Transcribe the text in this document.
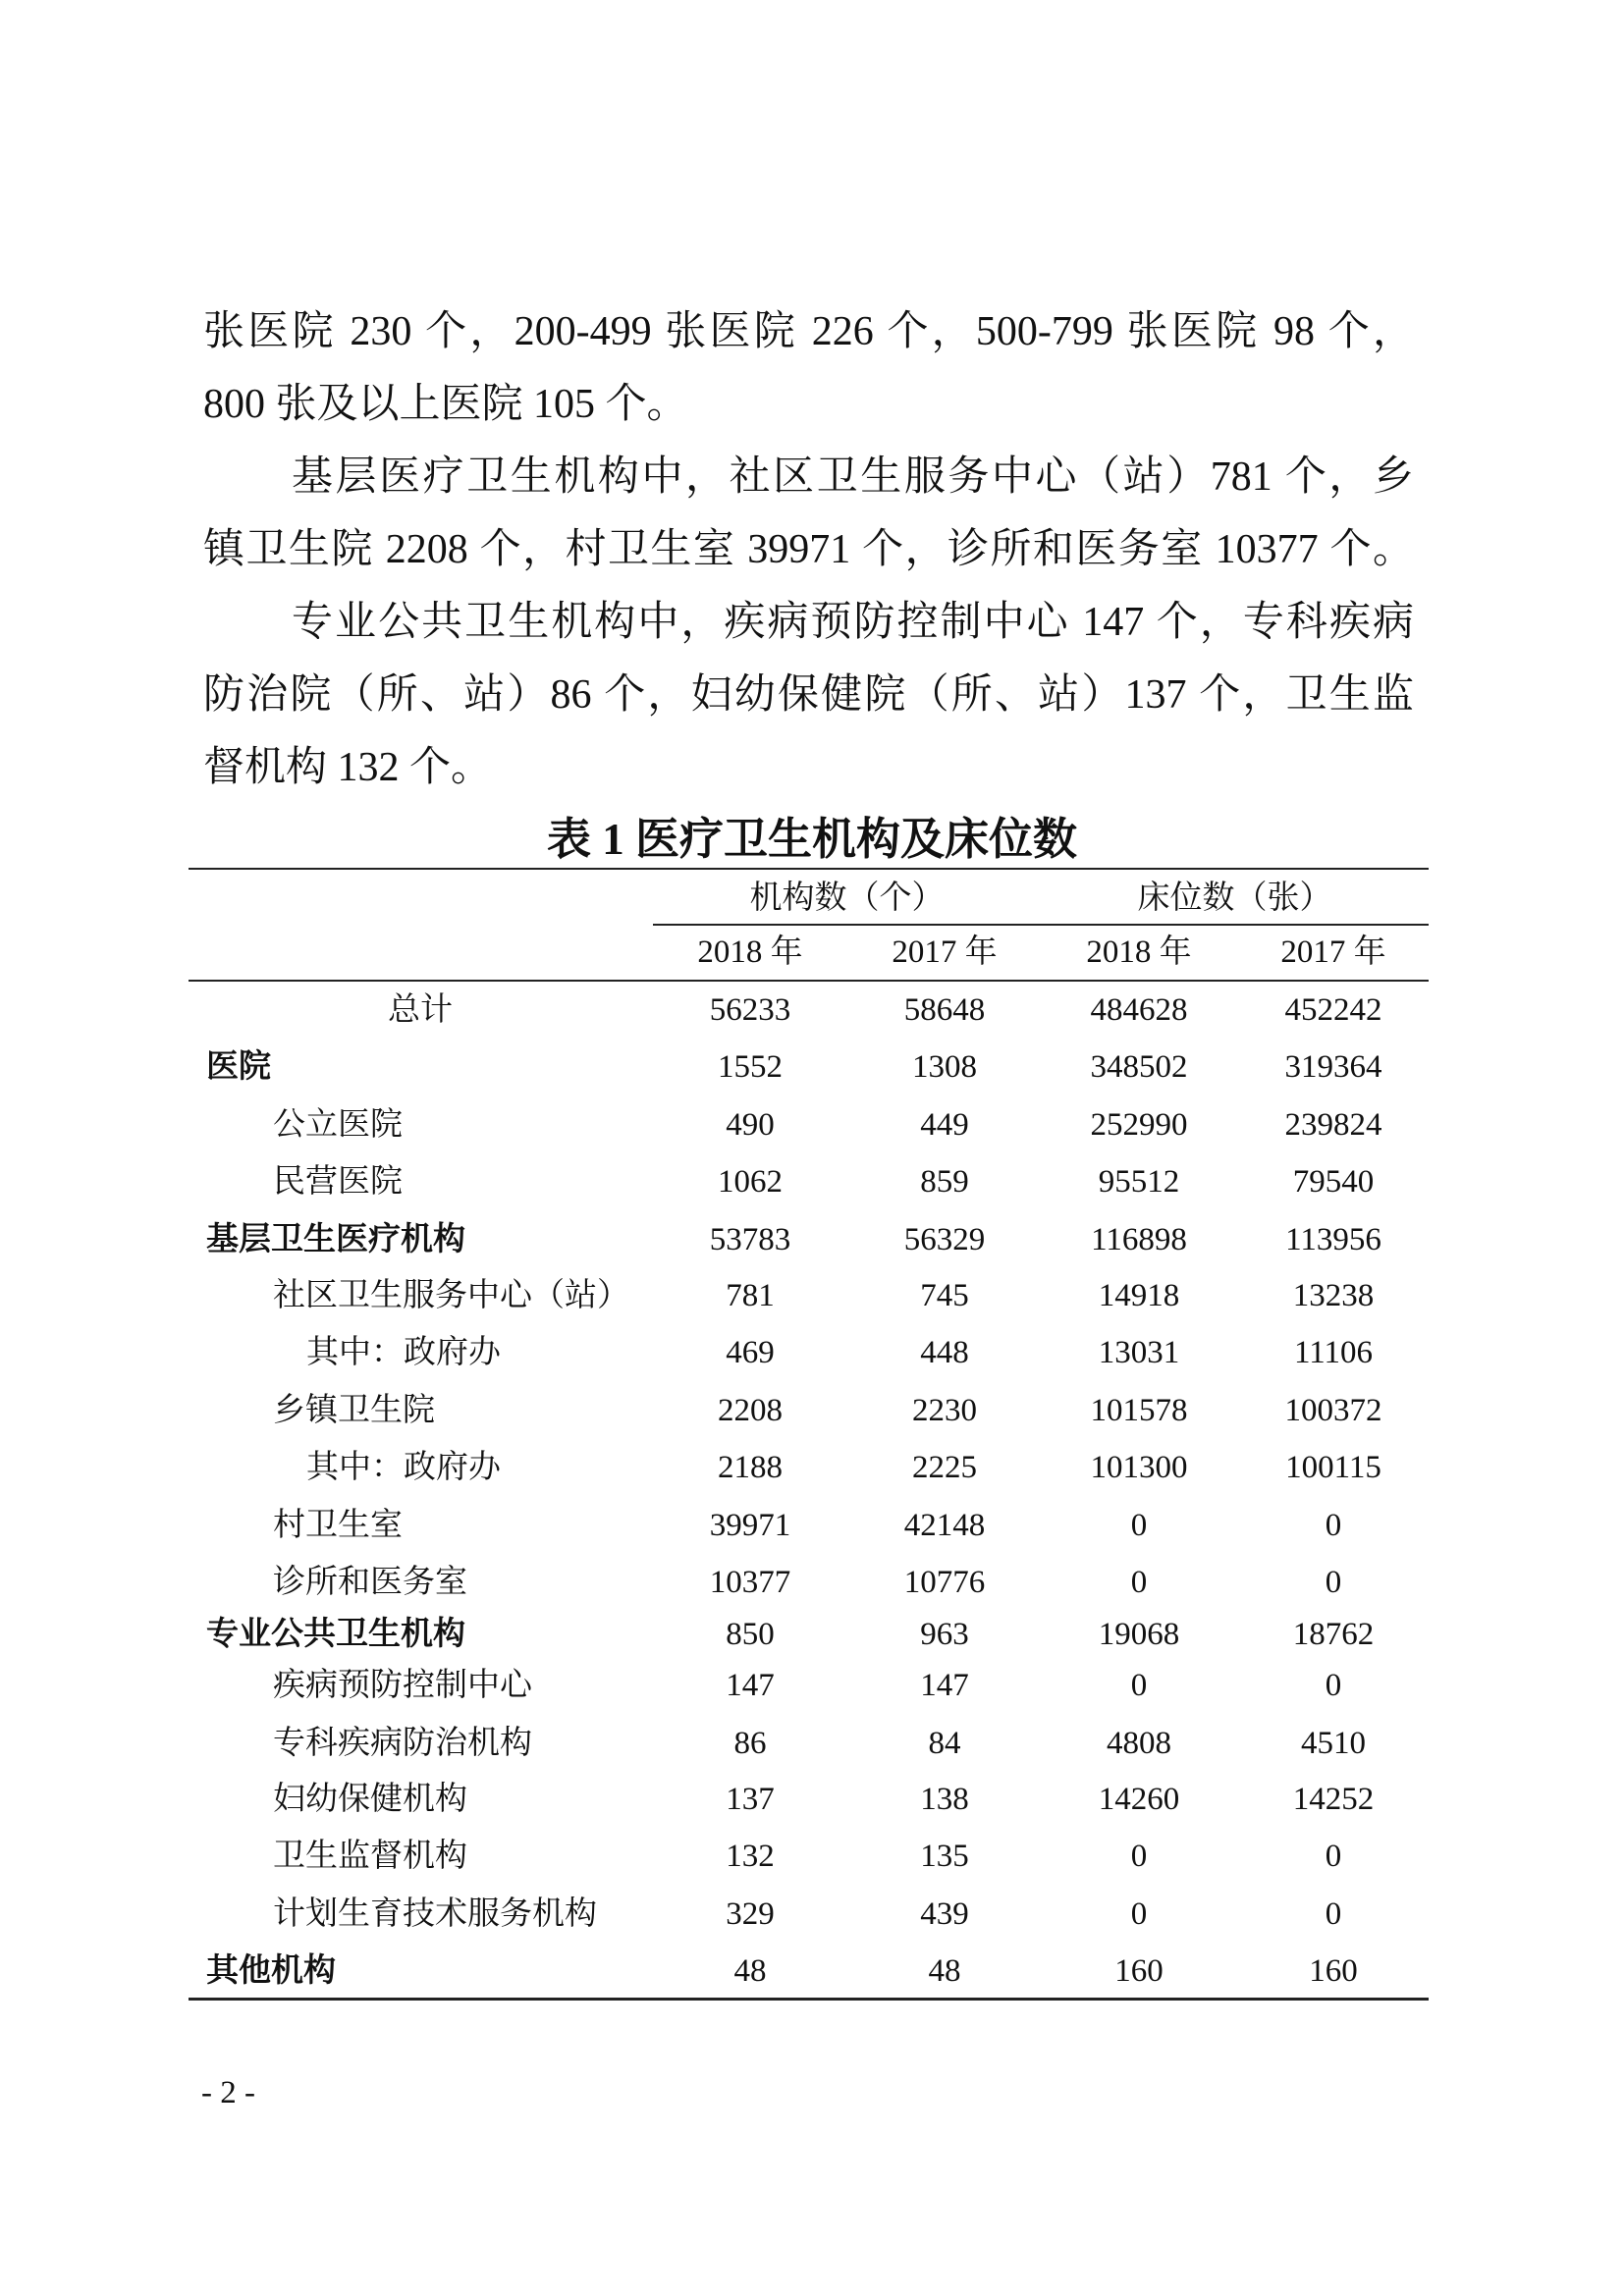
张医院 230 个，200-499 张医院 226 个，500-799 张医院 98 个，
800 张及以上医院 105 个。
基层医疗卫生机构中，社区卫生服务中心（站）781 个，乡
镇卫生院 2208 个，村卫生室 39971 个，诊所和医务室 10377 个。
专业公共卫生机构中，疾病预防控制中心 147 个，专科疾病
防治院（所、站）86 个，妇幼保健院（所、站）137 个，卫生监
督机构 132 个。
表 1 医疗卫生机构及床位数
机构数（个）	床位数（张）
2018 年	2017 年	2018 年	2017 年
总计	56233	58648	484628	452242
医院	1552	1308	348502	319364
公立医院	490	449	252990	239824
民营医院	1062	859	95512	79540
基层卫生医疗机构	53783	56329	116898	113956
社区卫生服务中心（站）	781	745	14918	13238
其中：政府办	469	448	13031	11106
乡镇卫生院	2208	2230	101578	100372
其中：政府办	2188	2225	101300	100115
村卫生室	39971	42148	0	0
诊所和医务室	10377	10776	0	0
专业公共卫生机构	850	963	19068	18762
疾病预防控制中心	147	147	0	0
专科疾病防治机构	86	84	4808	4510
妇幼保健机构	137	138	14260	14252
卫生监督机构	132	135	0	0
计划生育技术服务机构	329	439	0	0
其他机构	48	48	160	160
- 2 -
